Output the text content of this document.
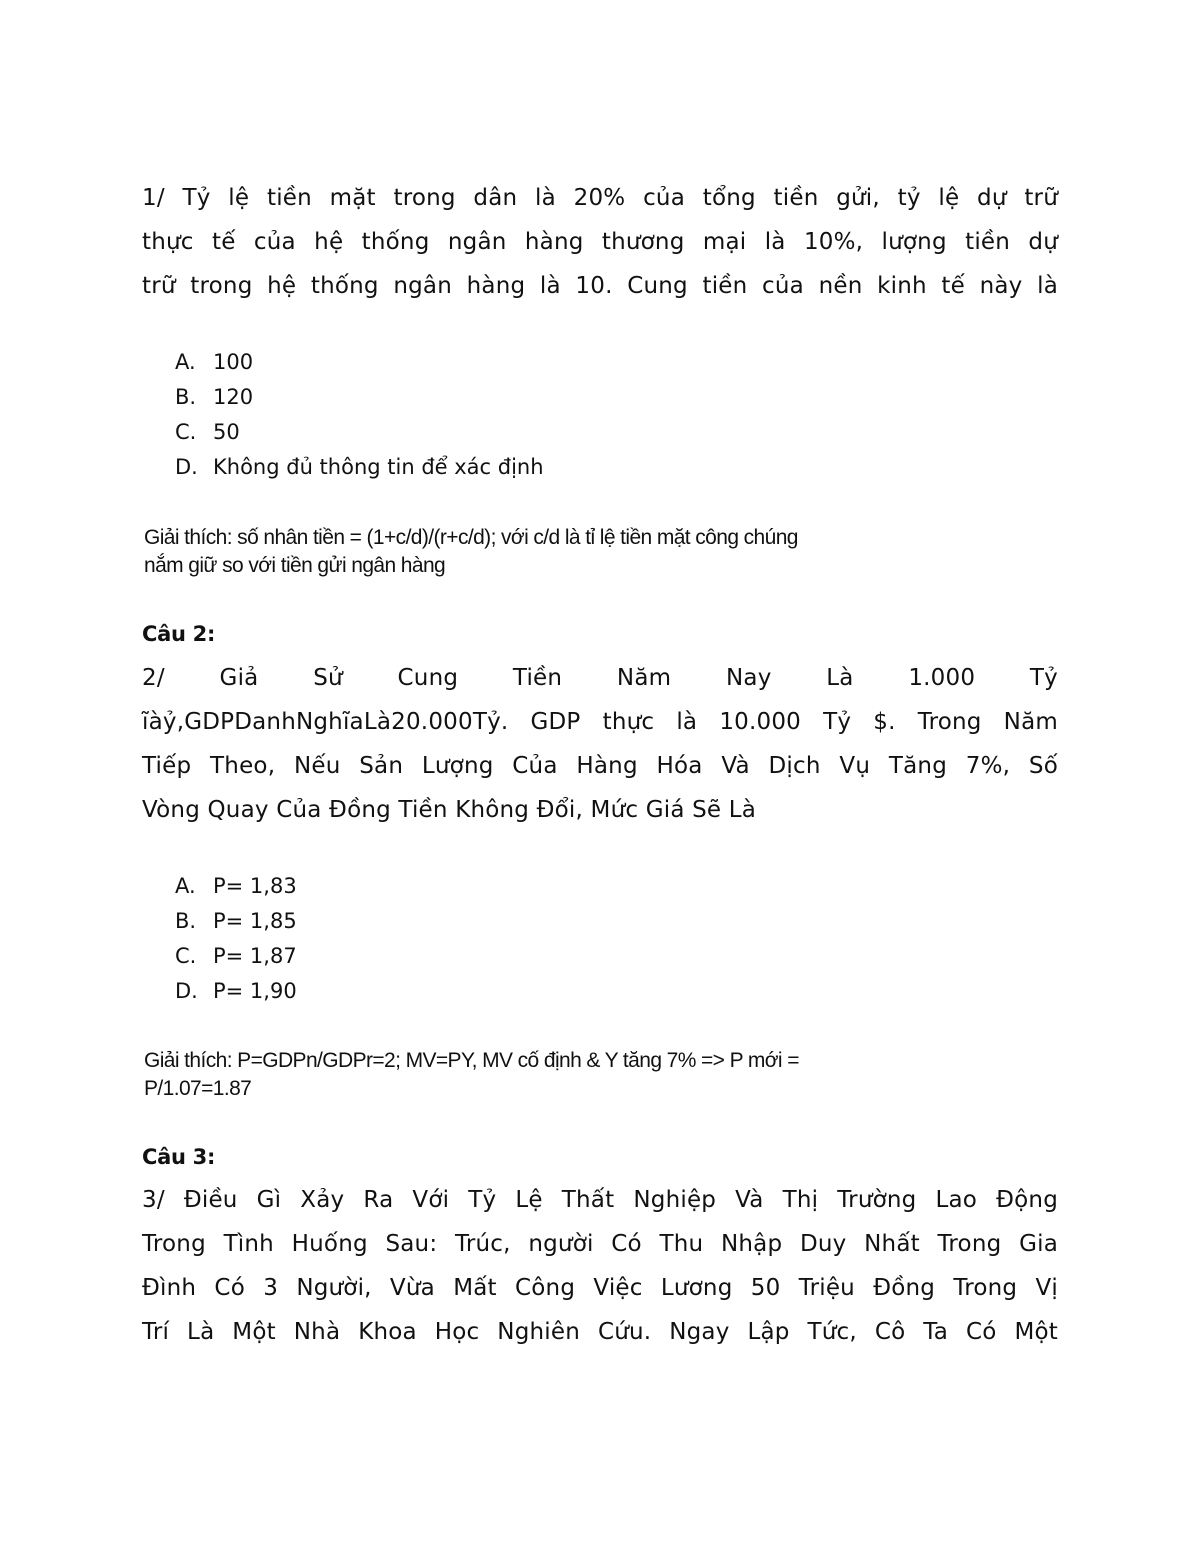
1/ Tỷ lệ tiền mặt trong dân là 20% của tổng tiền gửi, tỷ lệ dự trữ
thực tế của hệ thống ngân hàng thương mại là 10%, lượng tiền dự
trữ trong hệ thống ngân hàng là 10. Cung tiền của nền kinh tế này là
A. 100
B. 120
C. 50
D. Không đủ thông tin để xác định
Giải thích: số nhân tiền = (1+c/d)/(r+c/d); với c/d là tỉ lệ tiền mặt công chúng
nắm giữ so với tiền gửi ngân hàng
Câu 2:
2/ Giả Sử Cung Tiền Năm Nay Là 1.000 Tỷ
ĩàỷ,GDPDanhNghĩaLà20.000Tỷ. GDP thực là 10.000 Tỷ $. Trong Năm
Tiếp Theo, Nếu Sản Lượng Của Hàng Hóa Và Dịch Vụ Tăng 7%, Số
Vòng Quay Của Đồng Tiền Không Đổi, Mức Giá Sẽ Là
A. P= 1,83
B. P= 1,85
C. P= 1,87
D. P= 1,90
Giải thích: P=GDPn/GDPr=2; MV=PY, MV cố định & Y tăng 7% => P mới =
P/1.07=1.87
Câu 3:
3/ Điều Gì Xảy Ra Với Tỷ Lệ Thất Nghiệp Và Thị Trường Lao Động
Trong Tình Huống Sau: Trúc, người Có Thu Nhập Duy Nhất Trong Gia
Đình Có 3 Người, Vừa Mất Công Việc Lương 50 Triệu Đồng Trong Vị
Trí Là Một Nhà Khoa Học Nghiên Cứu. Ngay Lập Tức, Cô Ta Có Một
